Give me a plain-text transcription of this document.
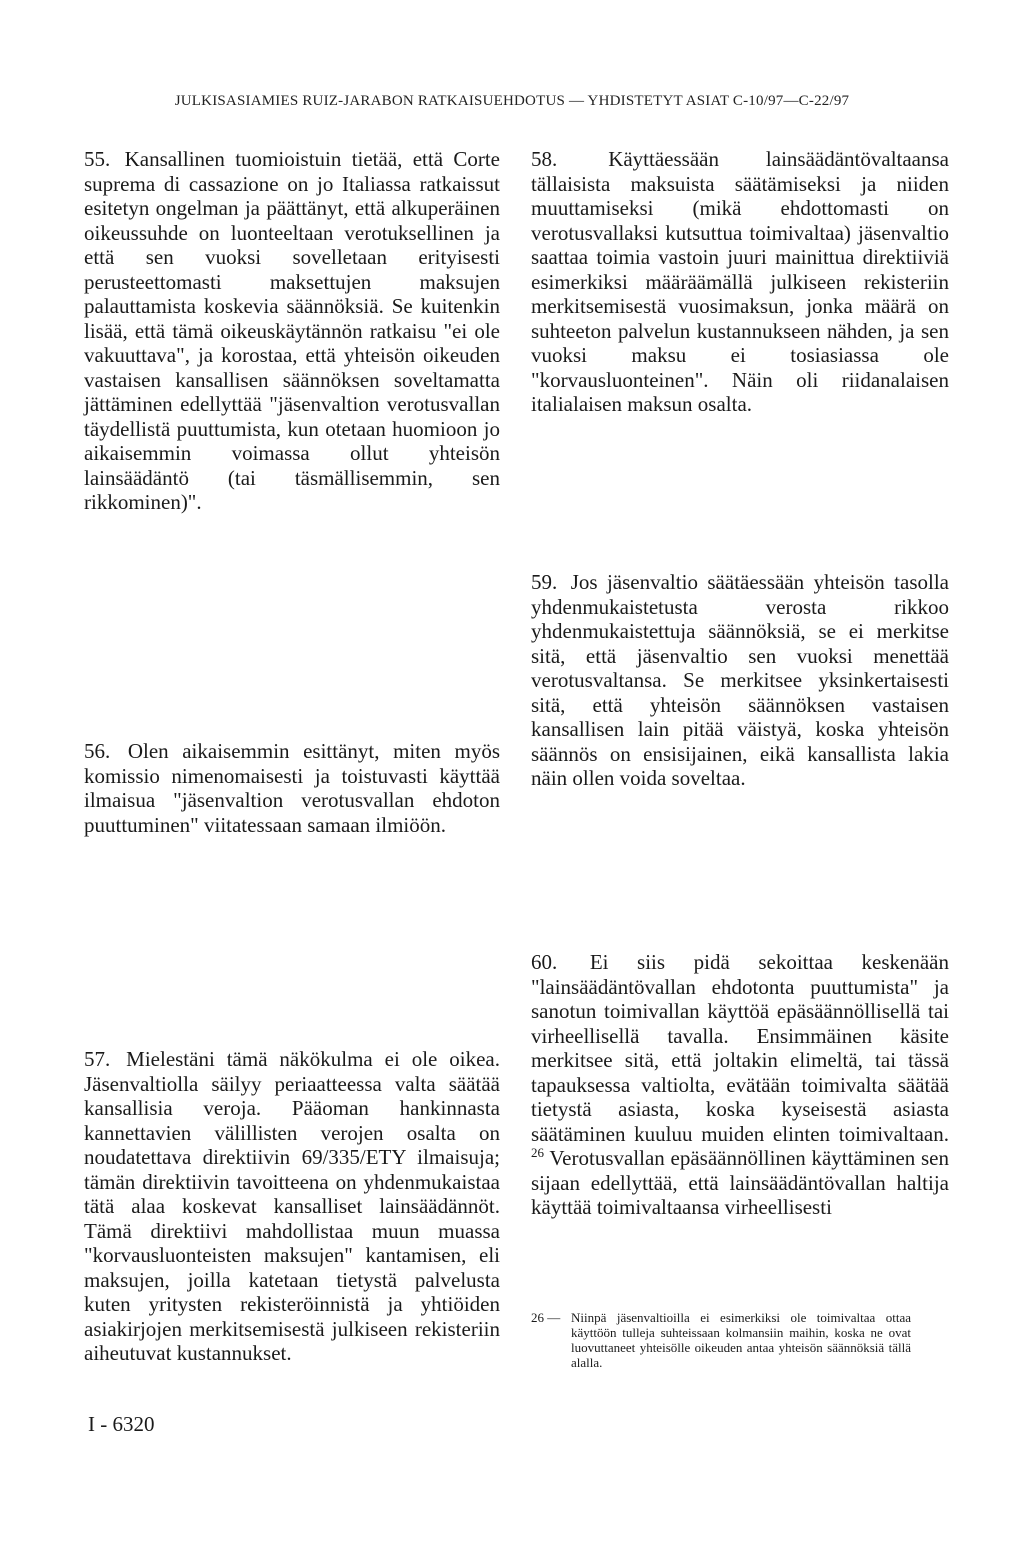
JULKISASIAMIES RUIZ-JARABON RATKAISUEHDOTUS — YHDISTETYT ASIAT C-10/97—C-22/97

55. Kansallinen tuomioistuin tietää, että Corte suprema di cassazione on jo Italiassa ratkaissut esitetyn ongelman ja päättänyt, että alkuperäinen oikeussuhde on luonteeltaan verotuksellinen ja että sen vuoksi sovelletaan erityisesti perusteettomasti maksettujen maksujen palauttamista koskevia säännöksiä. Se kuitenkin lisää, että tämä oikeuskäytännön ratkaisu "ei ole vakuuttava", ja korostaa, että yhteisön oikeuden vastaisen kansallisen säännöksen soveltamatta jättäminen edellyttää "jäsenvaltion verotusvallan täydellistä puuttumista, kun otetaan huomioon jo aikaisemmin voimassa ollut yhteisön lainsäädäntö (tai täsmällisemmin, sen rikkominen)".

56. Olen aikaisemmin esittänyt, miten myös komissio nimenomaisesti ja toistuvasti käyttää ilmaisua "jäsenvaltion verotusvallan ehdoton puuttuminen" viitatessaan samaan ilmiöön.

57. Mielestäni tämä näkökulma ei ole oikea. Jäsenvaltiolla säilyy periaatteessa valta säätää kansallisia veroja. Pääoman hankinnasta kannettavien välillisten verojen osalta on noudatettava direktiivin 69/335/ETY ilmaisuja; tämän direktiivin tavoitteena on yhdenmukaistaa tätä alaa koskevat kansalliset lainsäädännöt. Tämä direktiivi mahdollistaa muun muassa "korvausluonteisten maksujen" kantamisen, eli maksujen, joilla katetaan tietystä palvelusta kuten yritysten rekisteröinnistä ja yhtiöiden asiakirjojen merkitsemisestä julkiseen rekisteriin aiheutuvat kustannukset.

58. Käyttäessään lainsäädäntövaltaansa tällaisista maksuista säätämiseksi ja niiden muuttamiseksi (mikä ehdottomasti on verotusvallaksi kutsuttua toimivaltaa) jäsenvaltio saattaa toimia vastoin juuri mainittua direktiiviä esimerkiksi määräämällä julkiseen rekisteriin merkitsemisestä vuosimaksun, jonka määrä on suhteeton palvelun kustannukseen nähden, ja sen vuoksi maksu ei tosiasiassa ole "korvausluonteinen". Näin oli riidanalaisen italialaisen maksun osalta.

59. Jos jäsenvaltio säätäessään yhteisön tasolla yhdenmukaistetusta verosta rikkoo yhdenmukaistettuja säännöksiä, se ei merkitse sitä, että jäsenvaltio sen vuoksi menettää verotusvaltansa. Se merkitsee yksinkertaisesti sitä, että yhteisön säännöksen vastaisen kansallisen lain pitää väistyä, koska yhteisön säännös on ensisijainen, eikä kansallista lakia näin ollen voida soveltaa.

60. Ei siis pidä sekoittaa keskenään "lainsäädäntövallan ehdotonta puuttumista" ja sanotun toimivallan käyttöä epäsäännöllisellä tai virheellisellä tavalla. Ensimmäinen käsite merkitsee sitä, että joltakin elimeltä, tai tässä tapauksessa valtiolta, evätään toimivalta säätää tietystä asiasta, koska kyseisestä asiasta säätäminen kuuluu muiden elinten toimivaltaan. $^{26}$ Verotusvallan epäsäännöllinen käyttäminen sen sijaan edellyttää, että lainsäädäntövallan haltija käyttää toimivaltaansa virheellisesti

26 — Niinpä jäsenvaltioilla ei esimerkiksi ole toimivaltaa ottaa käyttöön tulleja suhteissaan kolmansiin maihin, koska ne ovat luovuttaneet yhteisölle oikeuden antaa yhteisön säännöksiä tällä alalla.
I - 6320
